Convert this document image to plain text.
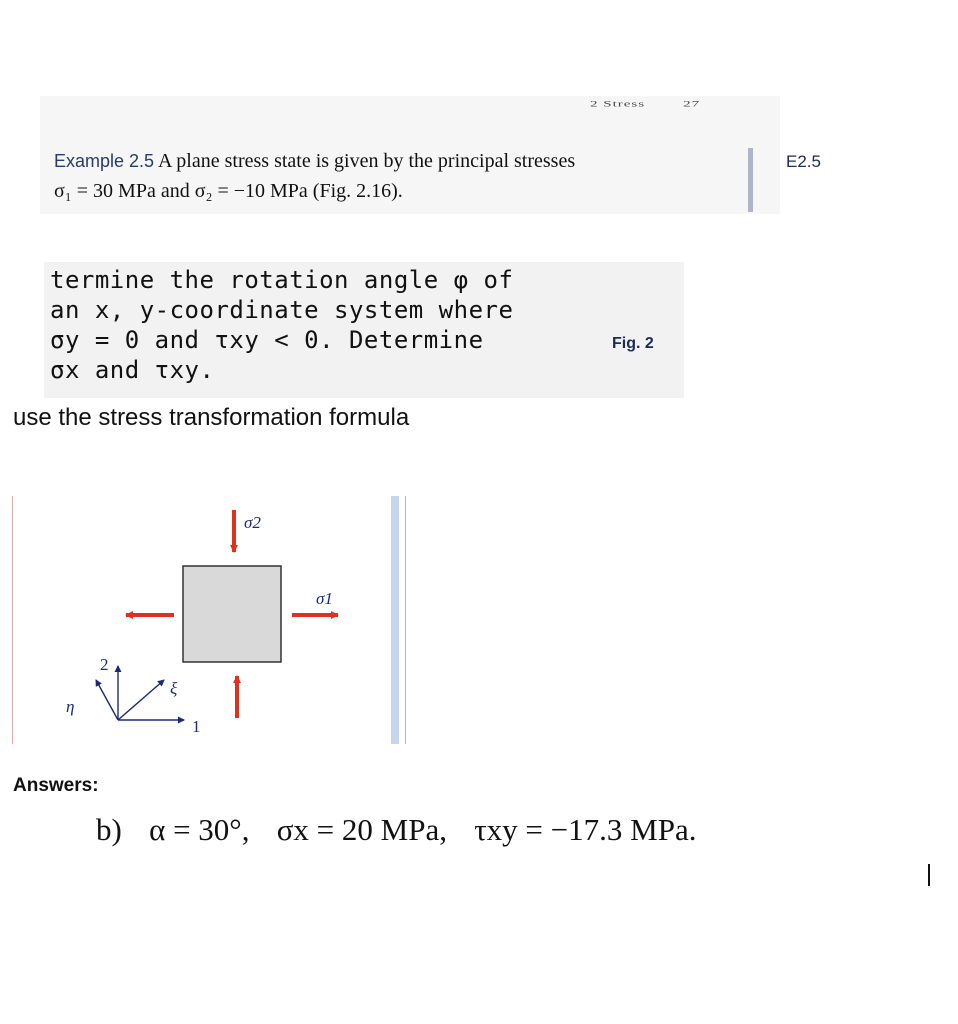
2 Stress	27
Example 2.5 A plane stress state is given by the principal stresses
σ₁ = 30 MPa and σ₂ = −10 MPa (Fig. 2.16).
E2.5
termine the rotation angle φ of
an x, y-coordinate system where
σy = 0 and τxy < 0. Determine
σx and τxy.
Fig. 2
use the stress transformation formula
σ2
σ1
2
1
ξ
η
Answers:
b) α = 30°, σx = 20 MPa, τxy = −17.3 MPa.
